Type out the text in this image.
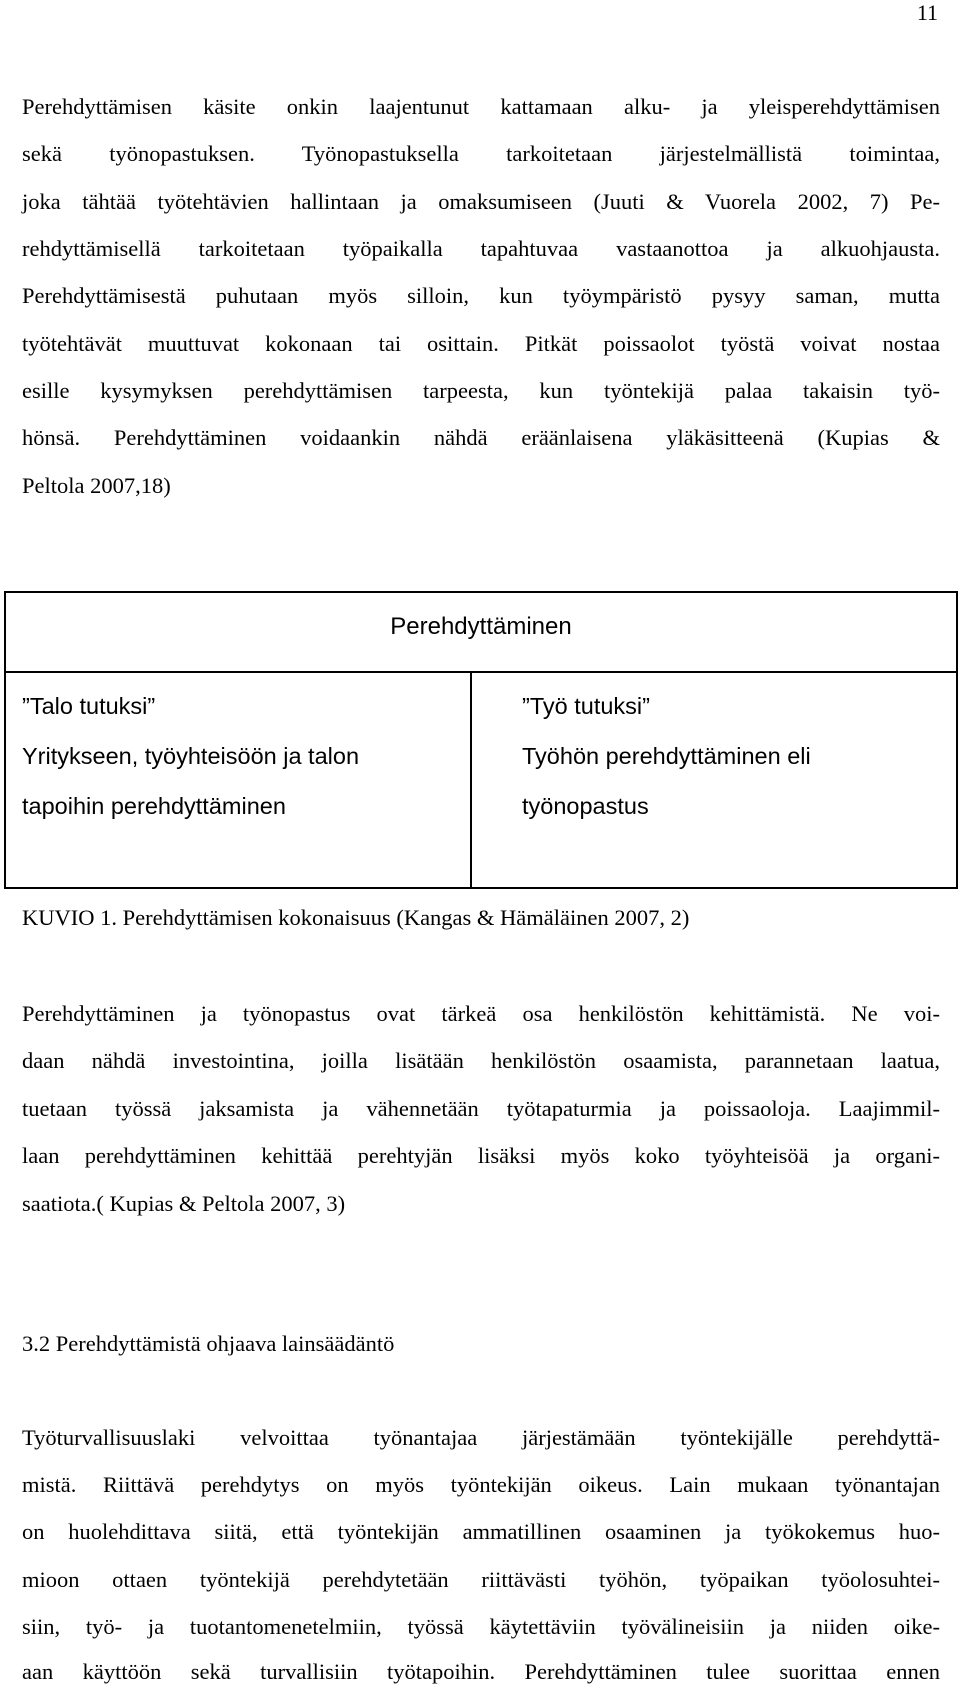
11
Perehdyttämisen käsite onkin laajentunut kattamaan alku- ja yleisperehdyttämisen
sekä työnopastuksen. Työnopastuksella tarkoitetaan järjestelmällistä toimintaa,
joka tähtää työtehtävien hallintaan ja omaksumiseen (Juuti & Vuorela 2002, 7) Pe-
rehdyttämisellä tarkoitetaan työpaikalla tapahtuvaa vastaanottoa ja alkuohjausta.
Perehdyttämisestä puhutaan myös silloin, kun työympäristö pysyy saman, mutta
työtehtävät muuttuvat kokonaan tai osittain. Pitkät poissaolot työstä voivat nostaa
esille kysymyksen perehdyttämisen tarpeesta, kun työntekijä palaa takaisin työ-
hönsä. Perehdyttäminen voidaankin nähdä eräänlaisena yläkäsitteenä (Kupias &
Peltola 2007,18)
Perehdyttäminen
”Talo tutuksi”
Yritykseen, työyhteisöön ja talon
tapoihin perehdyttäminen
”Työ tutuksi”
Työhön perehdyttäminen eli
työnopastus
KUVIO 1. Perehdyttämisen kokonaisuus (Kangas & Hämäläinen 2007, 2)
Perehdyttäminen ja työnopastus ovat tärkeä osa henkilöstön kehittämistä. Ne voi-
daan nähdä investointina, joilla lisätään henkilöstön osaamista, parannetaan laatua,
tuetaan työssä jaksamista ja vähennetään työtapaturmia ja poissaoloja. Laajimmil-
laan perehdyttäminen kehittää perehtyjän lisäksi myös koko työyhteisöä ja organi-
saatiota.( Kupias & Peltola 2007, 3)
3.2 Perehdyttämistä ohjaava lainsäädäntö
Työturvallisuuslaki velvoittaa työnantajaa järjestämään työntekijälle perehdyttä-
mistä. Riittävä perehdytys on myös työntekijän oikeus. Lain mukaan työnantajan
on huolehdittava siitä, että työntekijän ammatillinen osaaminen ja työkokemus huo-
mioon ottaen työntekijä perehdytetään riittävästi työhön, työpaikan työolosuhtei-
siin, työ- ja tuotantomenetelmiin, työssä käytettäviin työvälineisiin ja niiden oike-
aan käyttöön sekä turvallisiin työtapoihin. Perehdyttäminen tulee suorittaa ennen
